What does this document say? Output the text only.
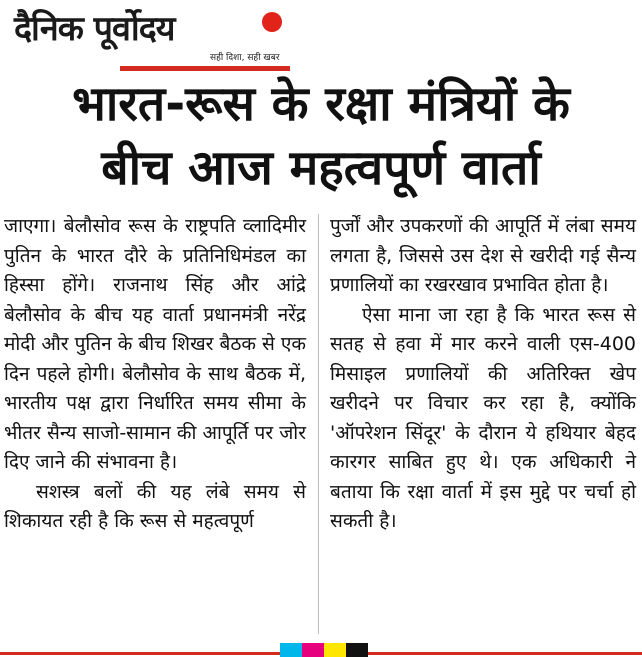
दैनिक पूर्वोदय
सही दिशा, सही खबर
भारत-रूस के रक्षा मंत्रियों के
बीच आज महत्वपूर्ण वार्ता

जाएगा। बेलौसोव रूस के राष्ट्रपति व्लादिमीर पुतिन के भारत दौरे के प्रतिनिधिमंडल का हिस्सा होंगे। राजनाथ सिंह और आंद्रे बेलौसोव के बीच यह वार्ता प्रधानमंत्री नरेंद्र मोदी और पुतिन के बीच शिखर बैठक से एक दिन पहले होगी। बेलौसोव के साथ बैठक में, भारतीय पक्ष द्वारा निर्धारित समय सीमा के भीतर सैन्य साजो-सामान की आपूर्ति पर जोर दिए जाने की संभावना है।

सशस्त्र बलों की यह लंबे समय से शिकायत रही है कि रूस से महत्वपूर्ण

पुर्जों और उपकरणों की आपूर्ति में लंबा समय लगता है, जिससे उस देश से खरीदी गई सैन्य प्रणालियों का रखरखाव प्रभावित होता है।

ऐसा माना जा रहा है कि भारत रूस से सतह से हवा में मार करने वाली एस-400 मिसाइल प्रणालियों की अतिरिक्त खेप खरीदने पर विचार कर रहा है, क्योंकि 'ऑपरेशन सिंदूर' के दौरान ये हथियार बेहद कारगर साबित हुए थे। एक अधिकारी ने बताया कि रक्षा वार्ता में इस मुद्दे पर चर्चा हो सकती है।
